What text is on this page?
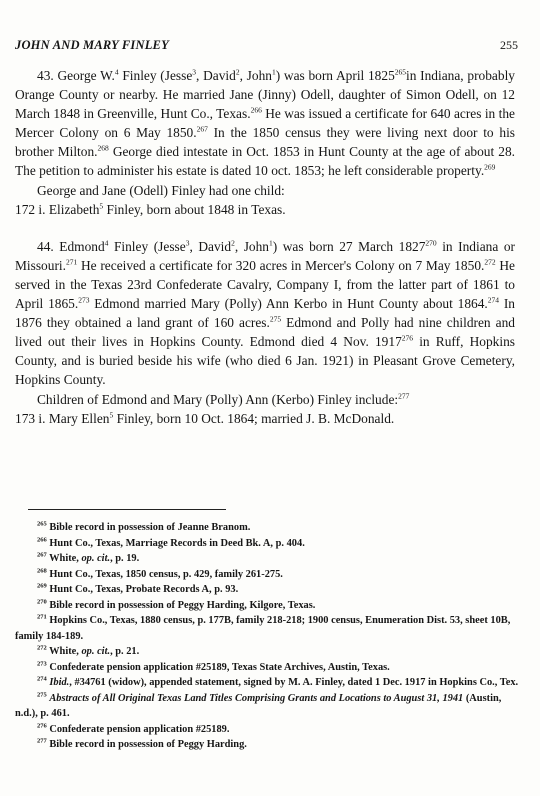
JOHN AND MARY FINLEY	255

43. George W.$^4$ Finley (Jesse$^3$, David$^2$, John$^1$) was born April 1825$^{265}$in Indiana, probably Orange County or nearby. He married Jane (Jinny) Odell, daughter of Simon Odell, on 12 March 1848 in Greenville, Hunt Co., Texas.$^{266}$ He was issued a certificate for 640 acres in the Mercer Colony on 6 May 1850.$^{267}$ In the 1850 census they were living next door to his brother Milton.$^{268}$ George died intestate in Oct. 1853 in Hunt County at the age of about 28. The petition to administer his estate is dated 10 oct. 1853; he left considerable property.$^{269}$

George and Jane (Odell) Finley had one child:

172 i. Elizabeth$^5$ Finley, born about 1848 in Texas.

44. Edmond$^4$ Finley (Jesse$^3$, David$^2$, John$^1$) was born 27 March 1827$^{270}$ in Indiana or Missouri.$^{271}$ He received a certificate for 320 acres in Mercer's Colony on 7 May 1850.$^{272}$ He served in the Texas 23rd Confederate Cavalry, Company I, from the latter part of 1861 to April 1865.$^{273}$ Edmond married Mary (Polly) Ann Kerbo in Hunt County about 1864.$^{274}$ In 1876 they obtained a land grant of 160 acres.$^{275}$ Edmond and Polly had nine children and lived out their lives in Hopkins County. Edmond died 4 Nov. 1917$^{276}$ in Ruff, Hopkins County, and is buried beside his wife (who died 6 Jan. 1921) in Pleasant Grove Cemetery, Hopkins County.

Children of Edmond and Mary (Polly) Ann (Kerbo) Finley include:$^{277}$

173 i. Mary Ellen$^5$ Finley, born 10 Oct. 1864; married J. B. McDonald.

$^{265}$ Bible record in possession of Jeanne Branom.

$^{266}$ Hunt Co., Texas, Marriage Records in Deed Bk. A, p. 404.

$^{267}$ White, op. cit., p. 19.

$^{268}$ Hunt Co., Texas, 1850 census, p. 429, family 261-275.

$^{269}$ Hunt Co., Texas, Probate Records A, p. 93.

$^{270}$ Bible record in possession of Peggy Harding, Kilgore, Texas.

$^{271}$ Hopkins Co., Texas, 1880 census, p. 177B, family 218-218; 1900 census, Enumeration Dist. 53, sheet 10B, family 184-189.

$^{272}$ White, op. cit., p. 21.

$^{273}$ Confederate pension application #25189, Texas State Archives, Austin, Texas.

$^{274}$ Ibid., #34761 (widow), appended statement, signed by M. A. Finley, dated 1 Dec. 1917 in Hopkins Co., Tex.

$^{275}$ Abstracts of All Original Texas Land Titles Comprising Grants and Locations to August 31, 1941 (Austin, n.d.), p. 461.

$^{276}$ Confederate pension application #25189.

$^{277}$ Bible record in possession of Peggy Harding.
